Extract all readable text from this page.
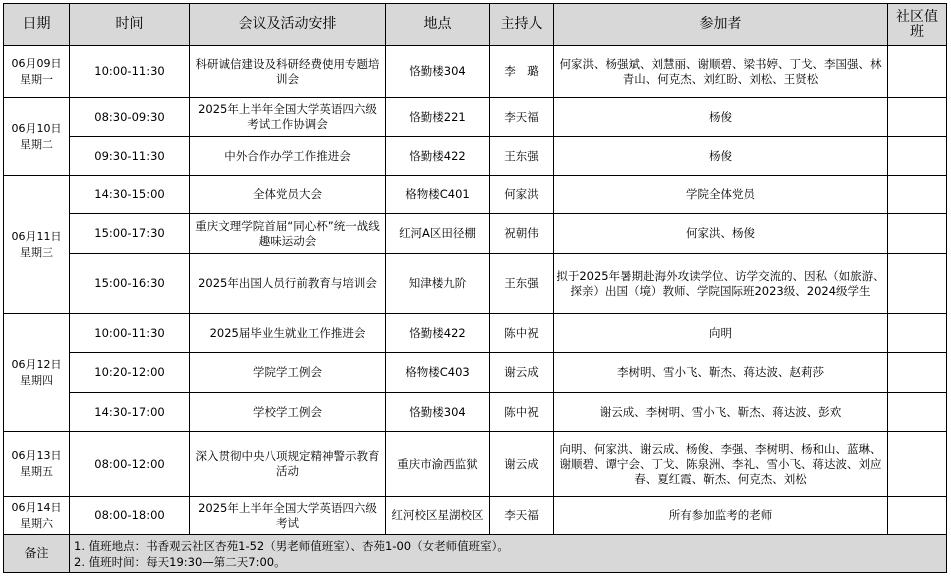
日期	时间	会议及活动安排	地点	主持人	参加者	社区值班

06月09日
星期一	10:00-11:30	科研诚信建设及科研经费使用专题培训会	恪勤楼304	李　璐	何家洪、杨强斌、刘慧丽、谢顺碧、梁书婷、丁戈、李国强、林青山、何克杰、刘红盼、刘松、王贤松	

06月10日
星期二	08:30-09:30	2025年上半年全国大学英语四六级考试工作协调会	恪勤楼221	李天福	杨俊	
	09:30-11:30	中外合作办学工作推进会	恪勤楼422	王东强	杨俊	

06月11日
星期三	14:30-15:00	全体党员大会	格物楼C401	何家洪	学院全体党员	
	15:00-17:30	重庆文理学院首届“同心杯”统一战线趣味运动会	红河A区田径棚	祝朝伟	何家洪、杨俊	
	15:00-16:30	2025年出国人员行前教育与培训会	知津楼九阶	王东强	拟于2025年暑期赴海外攻读学位、访学交流的、因私（如旅游、探亲）出国（境）教师、学院国际班2023级、2024级学生	

06月12日
星期四	10:00-11:30	2025届毕业生就业工作推进会	恪勤楼422	陈中祝	向明	
	10:20-12:00	学院学工例会	格物楼C403	谢云成	李树明、雪小飞、靳杰、蒋达波、赵莉莎	
	14:30-17:00	学校学工例会	恪勤楼304	陈中祝	谢云成、李树明、雪小飞、靳杰、蒋达波、彭欢	

06月13日
星期五	08:00-12:00	深入贯彻中央八项规定精神警示教育活动	重庆市渝西监狱	谢云成	向明、何家洪、谢云成、杨俊、李强、李树明、杨和山、蓝琳、谢顺碧、谭宁会、丁戈、陈泉洲、李礼、雪小飞、蒋达波、刘应春、夏红霞、靳杰、何克杰、刘松	

06月14日
星期六	08:00-18:00	2025年上半年全国大学英语四六级考试	红河校区星湖校区	李天福	所有参加监考的老师	
备注	1. 值班地点：书香观云社区杏苑1-52（男老师值班室）、杏苑1-00（女老师值班室）。
2. 值班时间：每天19:30—第二天7:00。					
